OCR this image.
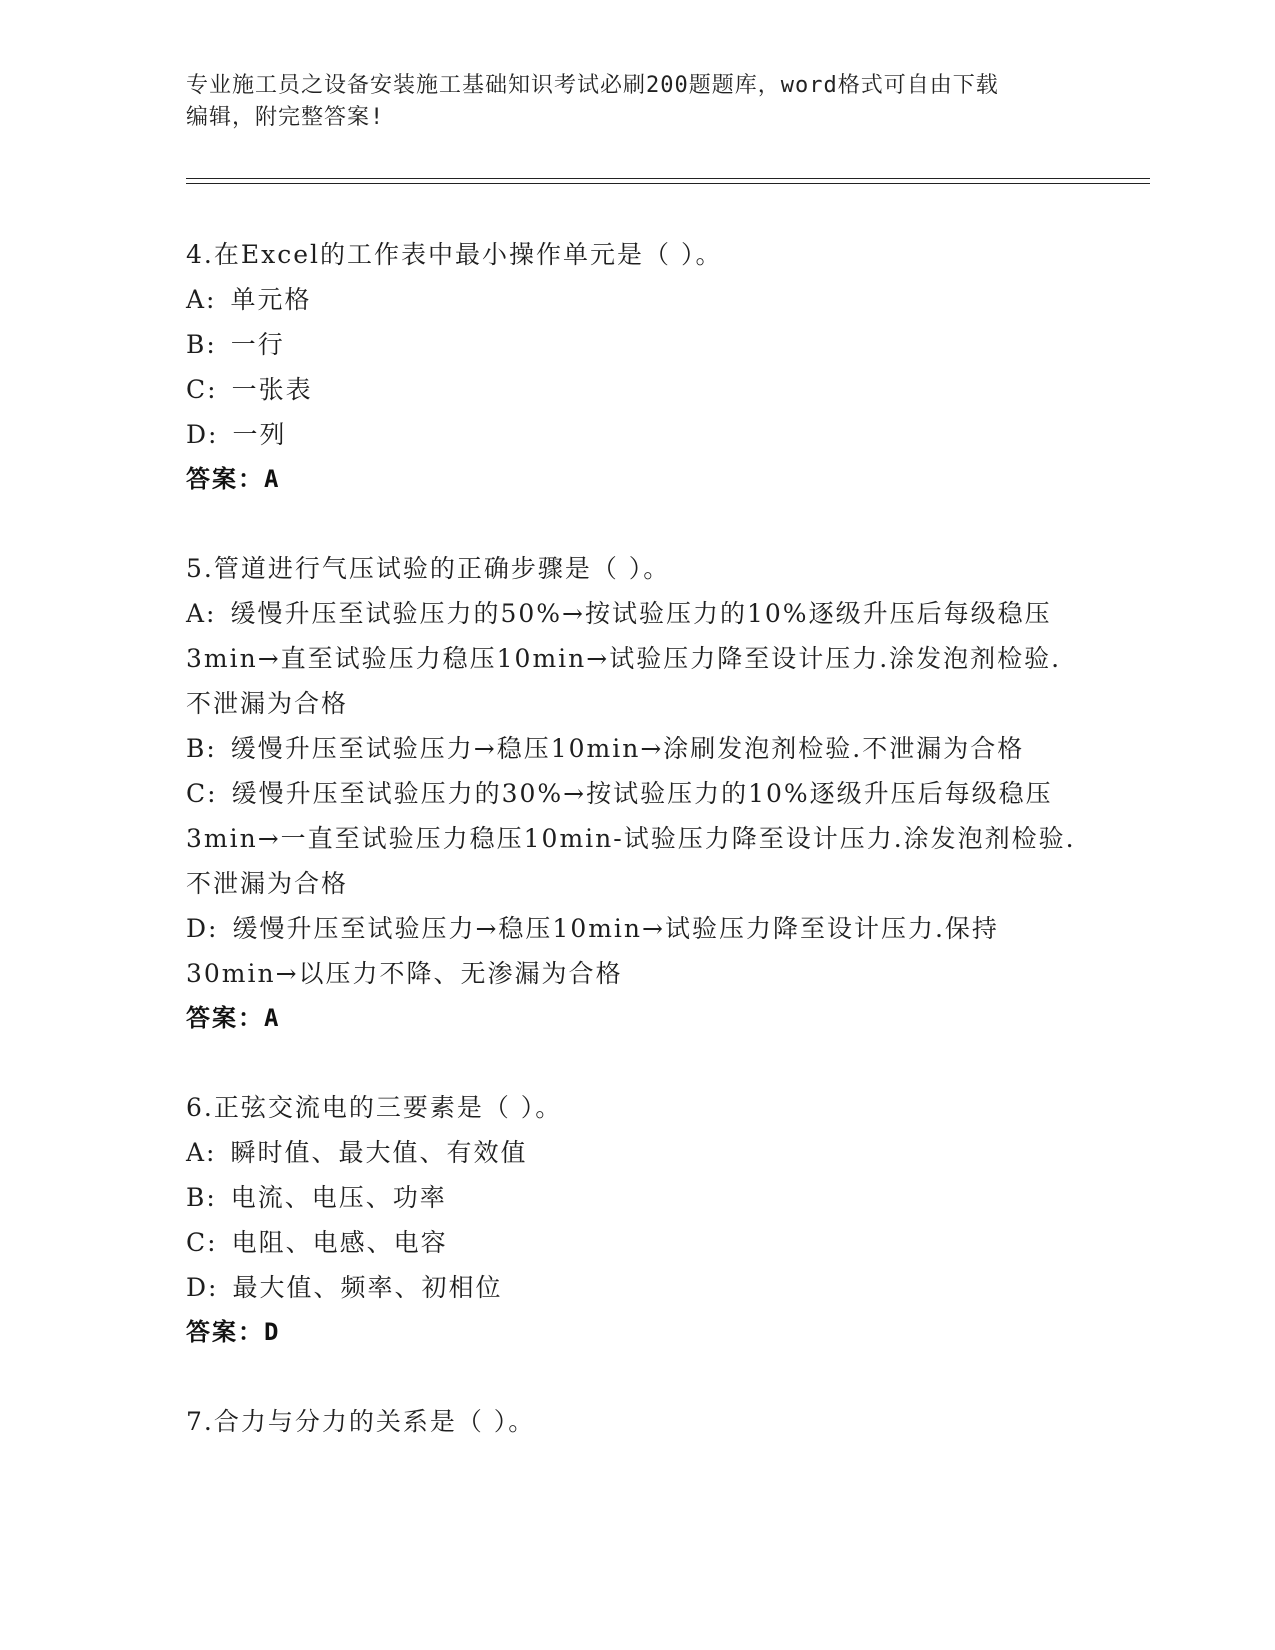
专业施工员之设备安装施工基础知识考试必刷200题题库，word格式可自由下载
编辑，附完整答案!

4.在Excel的工作表中最小操作单元是（ ）。

A: 单元格

B: 一行

C: 一张表

D: 一列

答案：A

5.管道进行气压试验的正确步骤是（ ）。

A: 缓慢升压至试验压力的50%→按试验压力的10%逐级升压后每级稳压3min→直至试验压力稳压10min→试验压力降至设计压力.涂发泡剂检验.不泄漏为合格

B: 缓慢升压至试验压力→稳压10min→涂刷发泡剂检验.不泄漏为合格

C: 缓慢升压至试验压力的30%→按试验压力的10%逐级升压后每级稳压3min→一直至试验压力稳压10min-试验压力降至设计压力.涂发泡剂检验.不泄漏为合格

D: 缓慢升压至试验压力→稳压10min→试验压力降至设计压力.保持30min→以压力不降、无渗漏为合格

答案：A

6.正弦交流电的三要素是（ ）。

A: 瞬时值、最大值、有效值

B: 电流、电压、功率

C: 电阻、电感、电容

D: 最大值、频率、初相位

答案：D

7.合力与分力的关系是（ ）。
